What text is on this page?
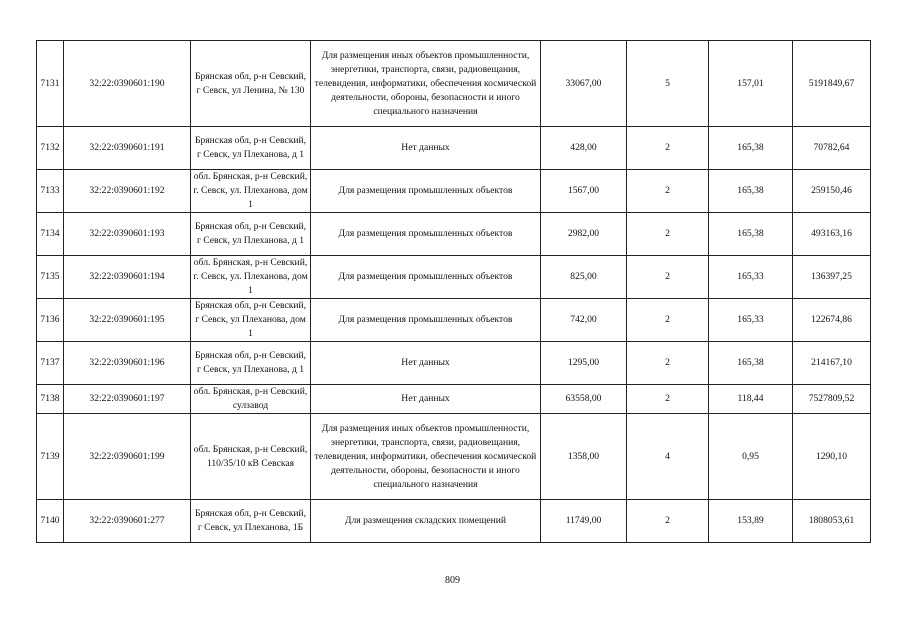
7131	32:22:0390601:190	Брянская обл, р-н Севский, г Севск, ул Ленина, № 130	Для размещения иных объектов промышленности, энергетики, транспорта, связи, радиовещания, телевидения, информатики, обеспечения космической деятельности, обороны, безопасности и иного специального назначения	33067,00	5	157,01	5191849,67
7132	32:22:0390601:191	Брянская обл, р-н Севский, г Севск, ул Плеханова, д 1	Нет данных	428,00	2	165,38	70782,64
7133	32:22:0390601:192	обл. Брянская, р-н Севский, г. Севск, ул. Плеханова, дом 1	Для размещения промышленных объектов	1567,00	2	165,38	259150,46
7134	32:22:0390601:193	Брянская обл, р-н Севский, г Севск, ул Плеханова, д 1	Для размещения промышленных объектов	2982,00	2	165,38	493163,16
7135	32:22:0390601:194	обл. Брянская, р-н Севский, г. Севск, ул. Плеханова, дом 1	Для размещения промышленных объектов	825,00	2	165,33	136397,25
7136	32:22:0390601:195	Брянская обл, р-н Севский, г Севск, ул Плеханова, дом 1	Для размещения промышленных объектов	742,00	2	165,33	122674,86
7137	32:22:0390601:196	Брянская обл, р-н Севский, г Севск, ул Плеханова, д 1	Нет данных	1295,00	2	165,38	214167,10
7138	32:22:0390601:197	обл. Брянская, р-н Севский, сулзавод	Нет данных	63558,00	2	118,44	7527809,52
7139	32:22:0390601:199	обл. Брянская, р-н Севский, 110/35/10 кВ Севская	Для размещения иных объектов промышленности, энергетики, транспорта, связи, радиовещания, телевидения, информатики, обеспечения космической деятельности, обороны, безопасности и иного специального назначения	1358,00	4	0,95	1290,10
7140	32:22:0390601:277	Брянская обл, р-н Севский, г Севск, ул Плеханова, 1Б	Для размещения складских помещений	11749,00	2	153,89	1808053,61
809
